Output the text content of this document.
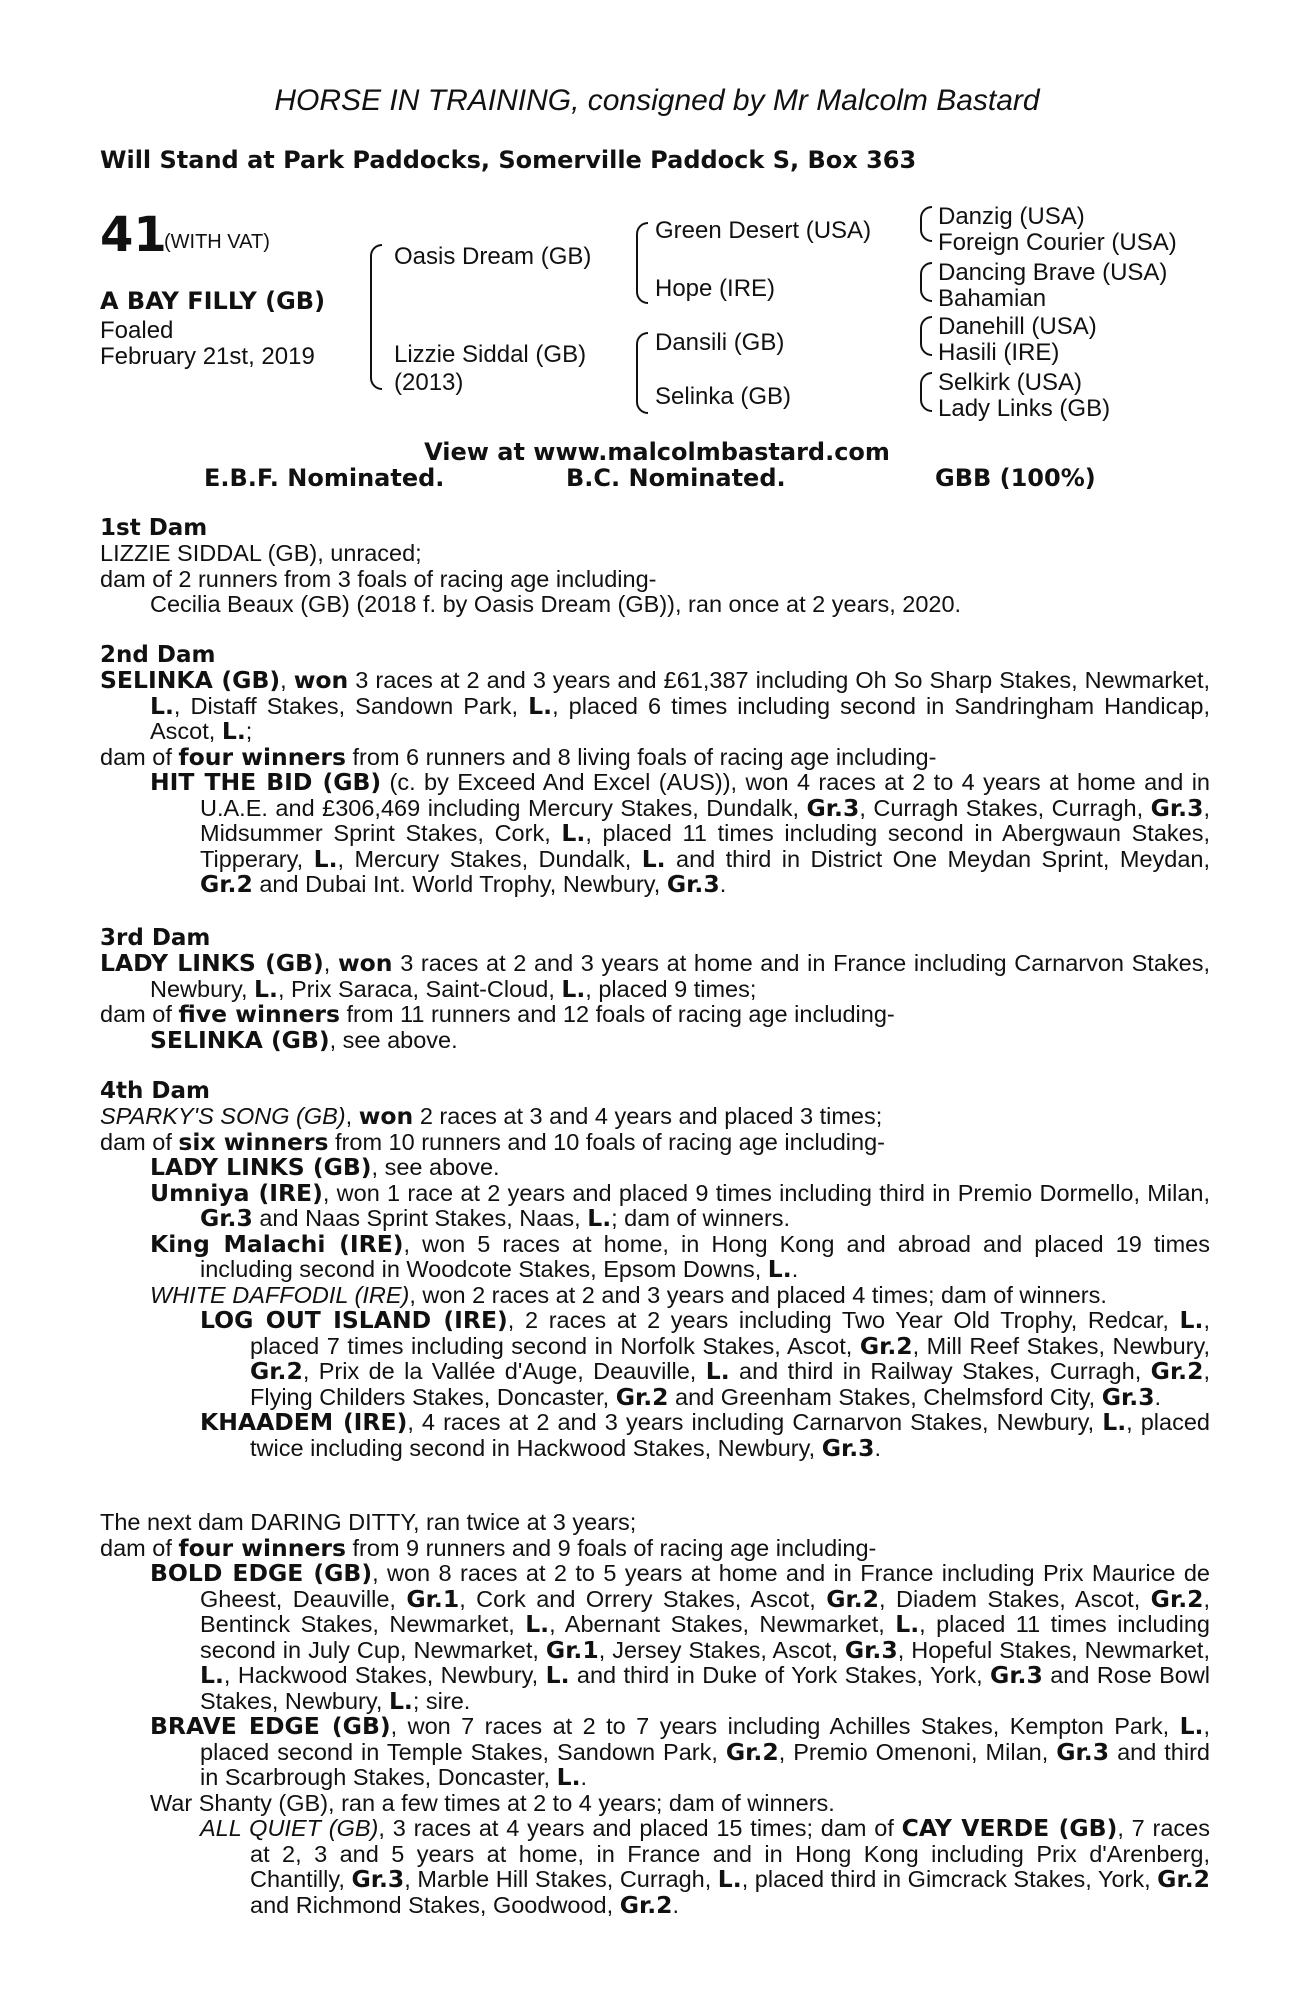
HORSE IN TRAINING, consigned by Mr Malcolm Bastard
Will Stand at Park Paddocks, Somerville Paddock S, Box 363
41
(WITH VAT)
A BAY FILLY (GB)
Foaled
February 21st, 2019
Oasis Dream (GB)
Lizzie Siddal (GB)
(2013)
Green Desert (USA)
Hope (IRE)
Dansili (GB)
Selinka (GB)
Danzig (USA)
Foreign Courier (USA)
Dancing Brave (USA)
Bahamian
Danehill (USA)
Hasili (IRE)
Selkirk (USA)
Lady Links (GB)
View at www.malcolmbastard.com
E.B.F. Nominated.	B.C. Nominated.	GBB (100%)
1st Dam

LIZZIE SIDDAL (GB), unraced;

dam of 2 runners from 3 foals of racing age including-

Cecilia Beaux (GB) (2018 f. by Oasis Dream (GB)), ran once at 2 years, 2020.

2nd Dam

SELINKA (GB), won 3 races at 2 and 3 years and £61,387 including Oh So Sharp Stakes, Newmarket, L., Distaff Stakes, Sandown Park, L., placed 6 times including second in Sandringham Handicap, Ascot, L.;

dam of four winners from 6 runners and 8 living foals of racing age including-

HIT THE BID (GB) (c. by Exceed And Excel (AUS)), won 4 races at 2 to 4 years at home and in U.A.E. and £306,469 including Mercury Stakes, Dundalk, Gr.3, Curragh Stakes, Curragh, Gr.3, Midsummer Sprint Stakes, Cork, L., placed 11 times including second in Abergwaun Stakes, Tipperary, L., Mercury Stakes, Dundalk, L. and third in District One Meydan Sprint, Meydan, Gr.2 and Dubai Int. World Trophy, Newbury, Gr.3.

3rd Dam

LADY LINKS (GB), won 3 races at 2 and 3 years at home and in France including Carnarvon Stakes, Newbury, L., Prix Saraca, Saint-Cloud, L., placed 9 times;

dam of five winners from 11 runners and 12 foals of racing age including-

SELINKA (GB), see above.

4th Dam

SPARKY'S SONG (GB), won 2 races at 3 and 4 years and placed 3 times;

dam of six winners from 10 runners and 10 foals of racing age including-

LADY LINKS (GB), see above.

Umniya (IRE), won 1 race at 2 years and placed 9 times including third in Premio Dormello, Milan, Gr.3 and Naas Sprint Stakes, Naas, L.; dam of winners.

King Malachi (IRE), won 5 races at home, in Hong Kong and abroad and placed 19 times including second in Woodcote Stakes, Epsom Downs, L..

WHITE DAFFODIL (IRE), won 2 races at 2 and 3 years and placed 4 times; dam of winners.

LOG OUT ISLAND (IRE), 2 races at 2 years including Two Year Old Trophy, Redcar, L., placed 7 times including second in Norfolk Stakes, Ascot, Gr.2, Mill Reef Stakes, Newbury, Gr.2, Prix de la Vallée d'Auge, Deauville, L. and third in Railway Stakes, Curragh, Gr.2, Flying Childers Stakes, Doncaster, Gr.2 and Greenham Stakes, Chelmsford City, Gr.3.

KHAADEM (IRE), 4 races at 2 and 3 years including Carnarvon Stakes, Newbury, L., placed twice including second in Hackwood Stakes, Newbury, Gr.3.

The next dam DARING DITTY, ran twice at 3 years;

dam of four winners from 9 runners and 9 foals of racing age including-

BOLD EDGE (GB), won 8 races at 2 to 5 years at home and in France including Prix Maurice de Gheest, Deauville, Gr.1, Cork and Orrery Stakes, Ascot, Gr.2, Diadem Stakes, Ascot, Gr.2, Bentinck Stakes, Newmarket, L., Abernant Stakes, Newmarket, L., placed 11 times including second in July Cup, Newmarket, Gr.1, Jersey Stakes, Ascot, Gr.3, Hopeful Stakes, Newmarket, L., Hackwood Stakes, Newbury, L. and third in Duke of York Stakes, York, Gr.3 and Rose Bowl Stakes, Newbury, L.; sire.

BRAVE EDGE (GB), won 7 races at 2 to 7 years including Achilles Stakes, Kempton Park, L., placed second in Temple Stakes, Sandown Park, Gr.2, Premio Omenoni, Milan, Gr.3 and third in Scarbrough Stakes, Doncaster, L..

War Shanty (GB), ran a few times at 2 to 4 years; dam of winners.

ALL QUIET (GB), 3 races at 4 years and placed 15 times; dam of CAY VERDE (GB), 7 races at 2, 3 and 5 years at home, in France and in Hong Kong including Prix d'Arenberg, Chantilly, Gr.3, Marble Hill Stakes, Curragh, L., placed third in Gimcrack Stakes, York, Gr.2 and Richmond Stakes, Goodwood, Gr.2.
